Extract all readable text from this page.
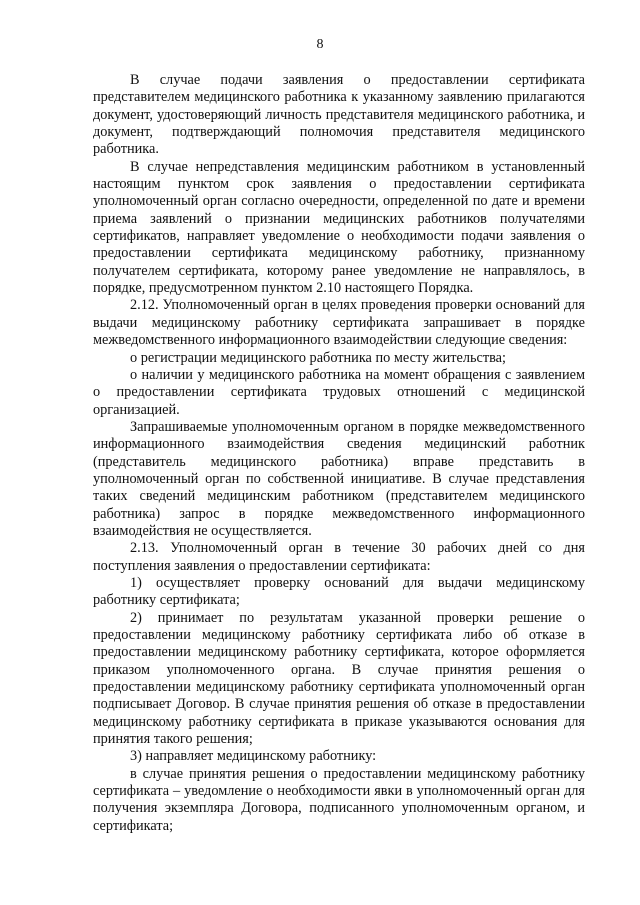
8

В случае подачи заявления о предоставлении сертификата представителем медицинского работника к указанному заявлению прилагаются документ, удостоверяющий личность представителя медицинского работника, и документ, подтверждающий полномочия представителя медицинского работника.

В случае непредставления медицинским работником в установленный настоящим пунктом срок заявления о предоставлении сертификата уполномоченный орган согласно очередности, определенной по дате и времени приема заявлений о признании медицинских работников получателями сертификатов, направляет уведомление о необходимости подачи заявления о предоставлении сертификата медицинскому работнику, признанному получателем сертификата, которому ранее уведомление не направлялось, в порядке, предусмотренном пунктом 2.10 настоящего Порядка.

2.12. Уполномоченный орган в целях проведения проверки оснований для выдачи медицинскому работнику сертификата запрашивает в порядке межведомственного информационного взаимодействии следующие сведения:

о регистрации медицинского работника по месту жительства;

о наличии у медицинского работника на момент обращения с заявлением о предоставлении сертификата трудовых отношений с медицинской организацией.

Запрашиваемые уполномоченным органом в порядке межведомственного информационного взаимодействия сведения медицинский работник (представитель медицинского работника) вправе представить в уполномоченный орган по собственной инициативе. В случае представления таких сведений медицинским работником (представителем медицинского работника) запрос в порядке межведомственного информационного взаимодействия не осуществляется.

2.13. Уполномоченный орган в течение 30 рабочих дней со дня поступления заявления о предоставлении сертификата:

1) осуществляет проверку оснований для выдачи медицинскому работнику сертификата;

2) принимает по результатам указанной проверки решение о предоставлении медицинскому работнику сертификата либо об отказе в предоставлении медицинскому работнику сертификата, которое оформляется приказом уполномоченного органа. В случае принятия решения о предоставлении медицинскому работнику сертификата уполномоченный орган подписывает Договор. В случае принятия решения об отказе в предоставлении медицинскому работнику сертификата в приказе указываются основания для принятия такого решения;

3) направляет медицинскому работнику:

в случае принятия решения о предоставлении медицинскому работнику сертификата – уведомление о необходимости явки в уполномоченный орган для получения экземпляра Договора, подписанного уполномоченным органом, и сертификата;
